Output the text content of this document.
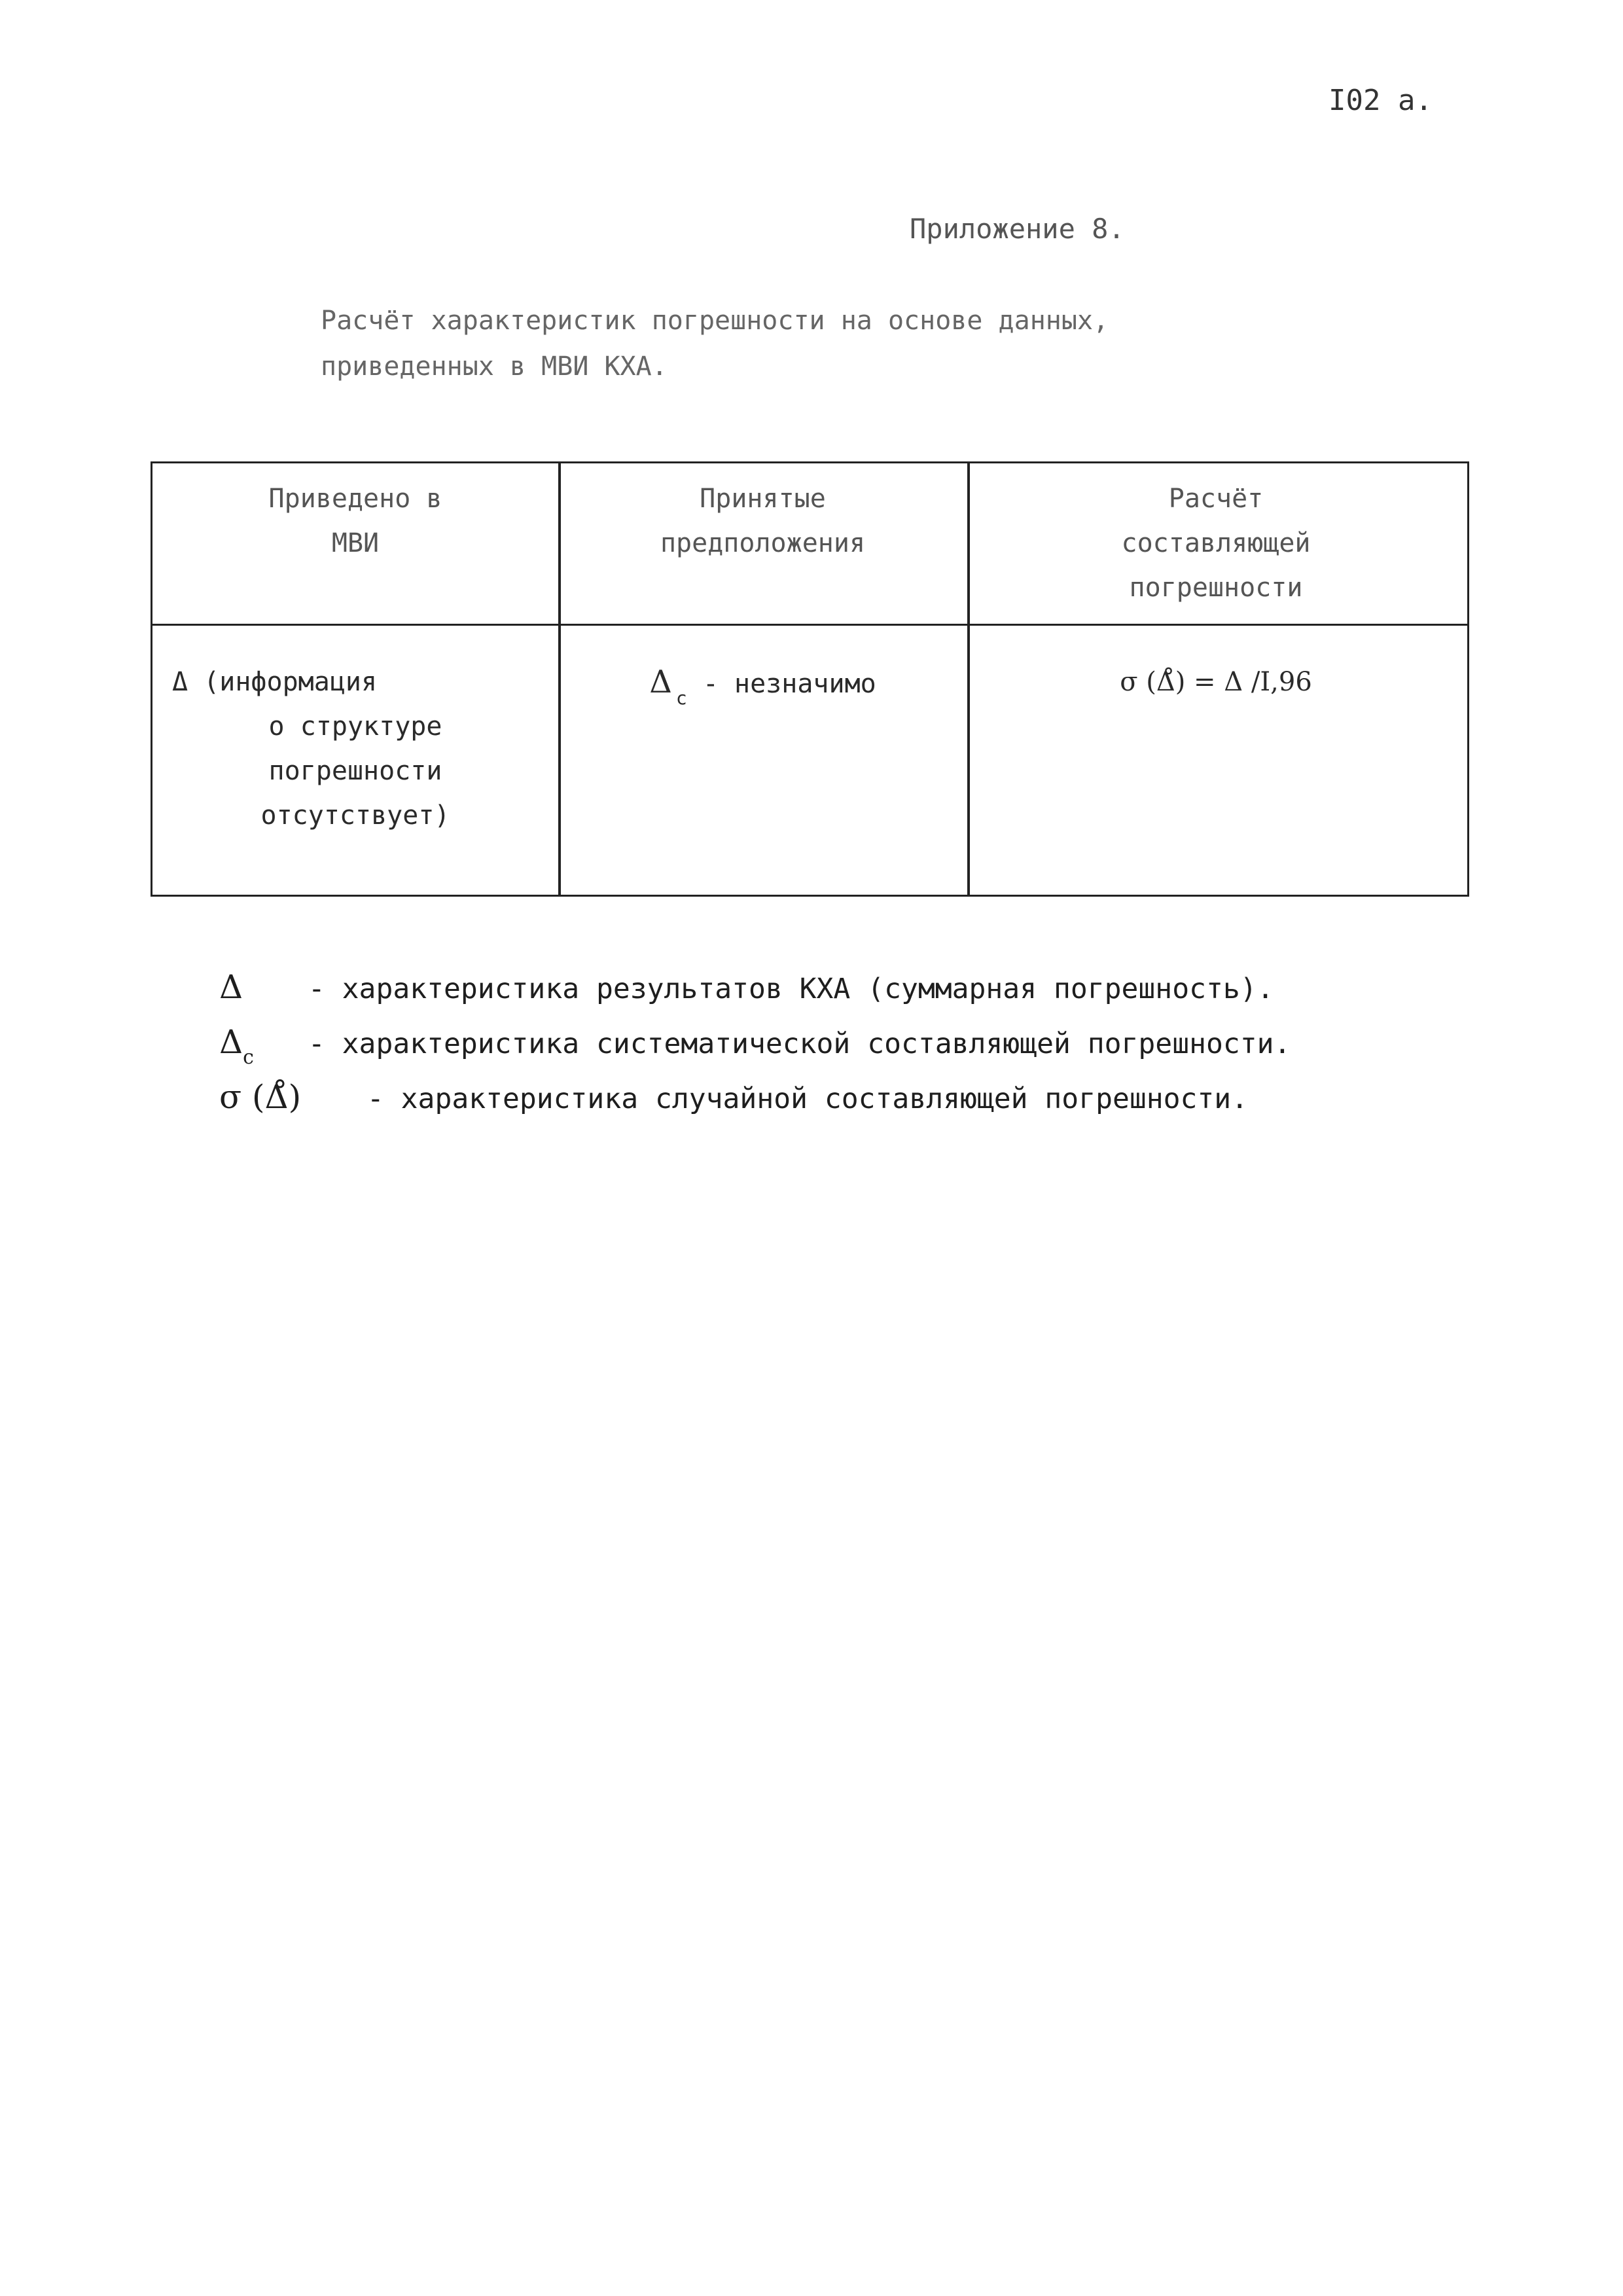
I02 а.
Приложение 8.
Расчёт характеристик погрешности на основе данных,
приведенных в МВИ КХА.
Приведено в
МВИ
Принятые
предположения
Расчёт
составляющей
погрешности
Δ (информация
о структуре
погрешности
отсутствует)
Δ $_c$ - незначимо	σ (Δ̊) = Δ /I,96
Δ - характеристика результатов КХА (суммарная погрешность).
$\Delta_c$ - характеристика систематической составляющей погрешности.
σ (Δ̊) - характеристика случайной составляющей погрешности.
